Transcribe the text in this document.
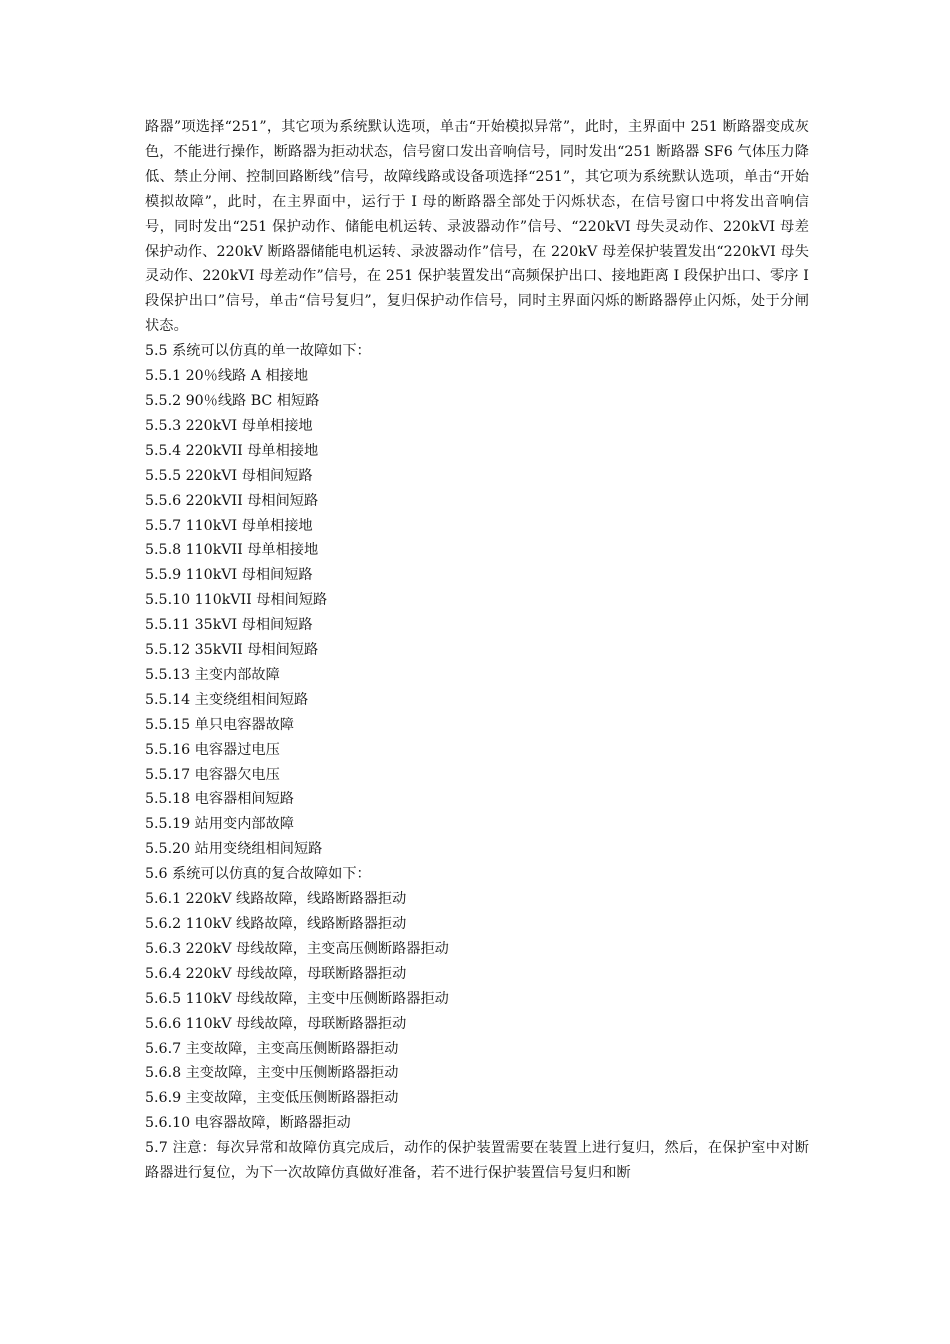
路器”项选择“251”，其它项为系统默认选项，单击“开始模拟异常”，此时，主界面中 251 断路器变成灰色，不能进行操作，断路器为拒动状态，信号窗口发出音响信号，同时发出“251 断路器 SF6 气体压力降低、禁止分闸、控制回路断线”信号，故障线路或设备项选择“251”，其它项为系统默认选项，单击“开始模拟故障”，此时，在主界面中，运行于 I 母的断路器全部处于闪烁状态，在信号窗口中将发出音响信号，同时发出“251 保护动作、储能电机运转、录波器动作”信号、“220kVI 母失灵动作、220kVI 母差保护动作、220kV 断路器储能电机运转、录波器动作”信号，在 220kV 母差保护装置发出“220kVI 母失灵动作、220kVI 母差动作”信号，在 251 保护装置发出“高频保护出口、接地距离 I 段保护出口、零序 I 段保护出口”信号，单击“信号复归”，复归保护动作信号，同时主界面闪烁的断路器停止闪烁，处于分闸状态。

5.5 系统可以仿真的单一故障如下：

5.5.1 20％线路 A 相接地

5.5.2 90％线路 BC 相短路

5.5.3 220kVI 母单相接地

5.5.4 220kVII 母单相接地

5.5.5 220kVI 母相间短路

5.5.6 220kVII 母相间短路

5.5.7 110kVI 母单相接地

5.5.8 110kVII 母单相接地

5.5.9 110kVI 母相间短路

5.5.10 110kVII 母相间短路

5.5.11 35kVI 母相间短路

5.5.12 35kVII 母相间短路

5.5.13 主变内部故障

5.5.14 主变绕组相间短路

5.5.15 单只电容器故障

5.5.16 电容器过电压

5.5.17 电容器欠电压

5.5.18 电容器相间短路

5.5.19 站用变内部故障

5.5.20 站用变绕组相间短路

5.6 系统可以仿真的复合故障如下：

5.6.1 220kV 线路故障，线路断路器拒动

5.6.2 110kV 线路故障，线路断路器拒动

5.6.3 220kV 母线故障，主变高压侧断路器拒动

5.6.4 220kV 母线故障，母联断路器拒动

5.6.5 110kV 母线故障，主变中压侧断路器拒动

5.6.6 110kV 母线故障，母联断路器拒动

5.6.7 主变故障，主变高压侧断路器拒动

5.6.8 主变故障，主变中压侧断路器拒动

5.6.9 主变故障，主变低压侧断路器拒动

5.6.10 电容器故障，断路器拒动

5.7 注意：每次异常和故障仿真完成后，动作的保护装置需要在装置上进行复归，然后，在保护室中对断路器进行复位，为下一次故障仿真做好准备，若不进行保护装置信号复归和断
